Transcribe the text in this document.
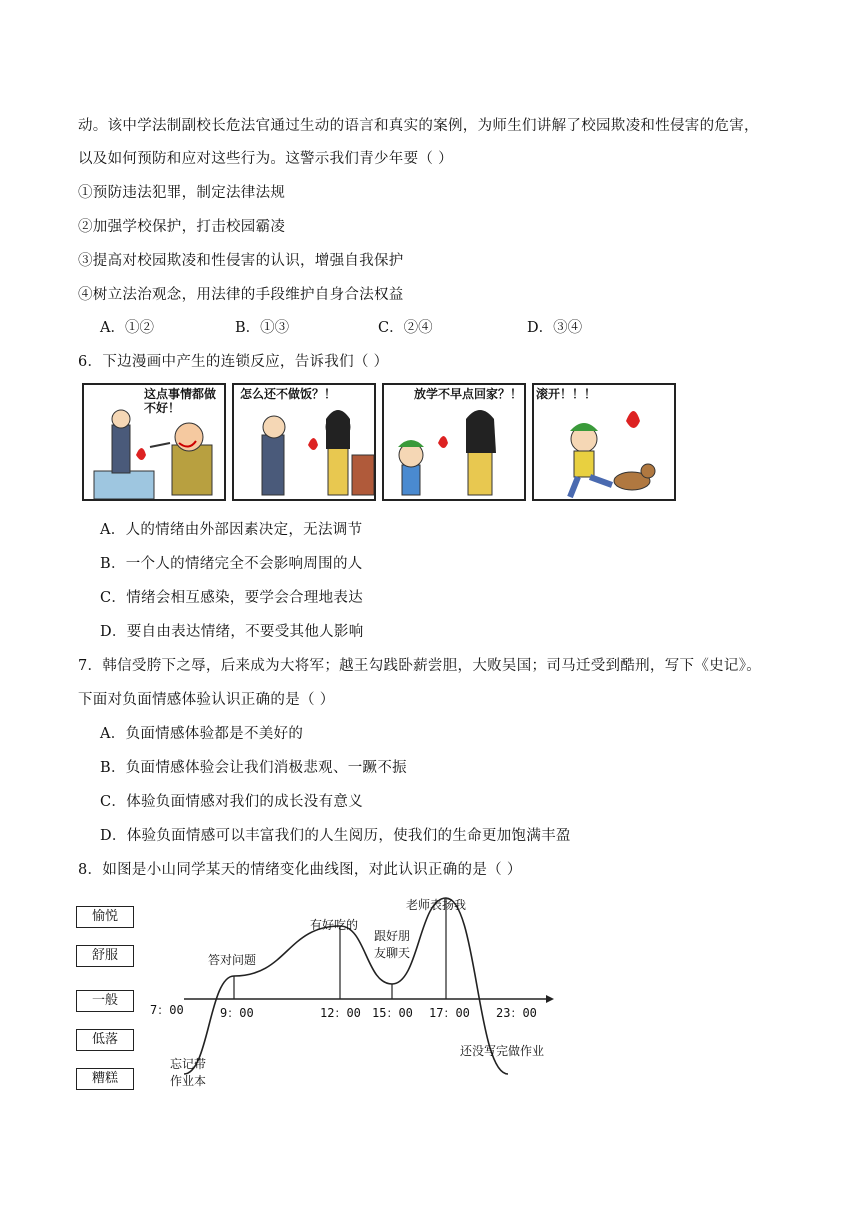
动。该中学法制副校长危法官通过生动的语言和真实的案例，为师生们讲解了校园欺凌和性侵害的危害，
以及如何预防和应对这些行为。这警示我们青少年要（ ）
①预防违法犯罪，制定法律法规
②加强学校保护，打击校园霸凌
③提高对校园欺凌和性侵害的认识，增强自我保护
④树立法治观念，用法律的手段维护自身合法权益
A．①②	B．①③	C．②④	D．③④
6．下边漫画中产生的连锁反应，告诉我们（ ）
这点事情都做不好！
怎么还不做饭？！	放学不早点回家？！ 滚开！！！
A．人的情绪由外部因素决定，无法调节
B．一个人的情绪完全不会影响周围的人
C．情绪会相互感染，要学会合理地表达
D．要自由表达情绪，不要受其他人影响
7．韩信受胯下之辱，后来成为大将军；越王勾践卧薪尝胆，大败吴国；司马迁受到酷刑，写下《史记》。
下面对负面情感体验认识正确的是（ ）
A．负面情感体验都是不美好的
B．负面情感体验会让我们消极悲观、一蹶不振
C．体验负面情感对我们的成长没有意义
D．体验负面情感可以丰富我们的人生阅历，使我们的生命更加饱满丰盈
8．如图是小山同学某天的情绪变化曲线图，对此认识正确的是（ ）
愉悦
舒服
一般
低落
糟糕
7：00	9：00	12：00 15：00 17：00 23：00
忘记带
作业本
答对问题
有好吃的
跟好朋
友聊天
老师表扬我
还没写完做作业
